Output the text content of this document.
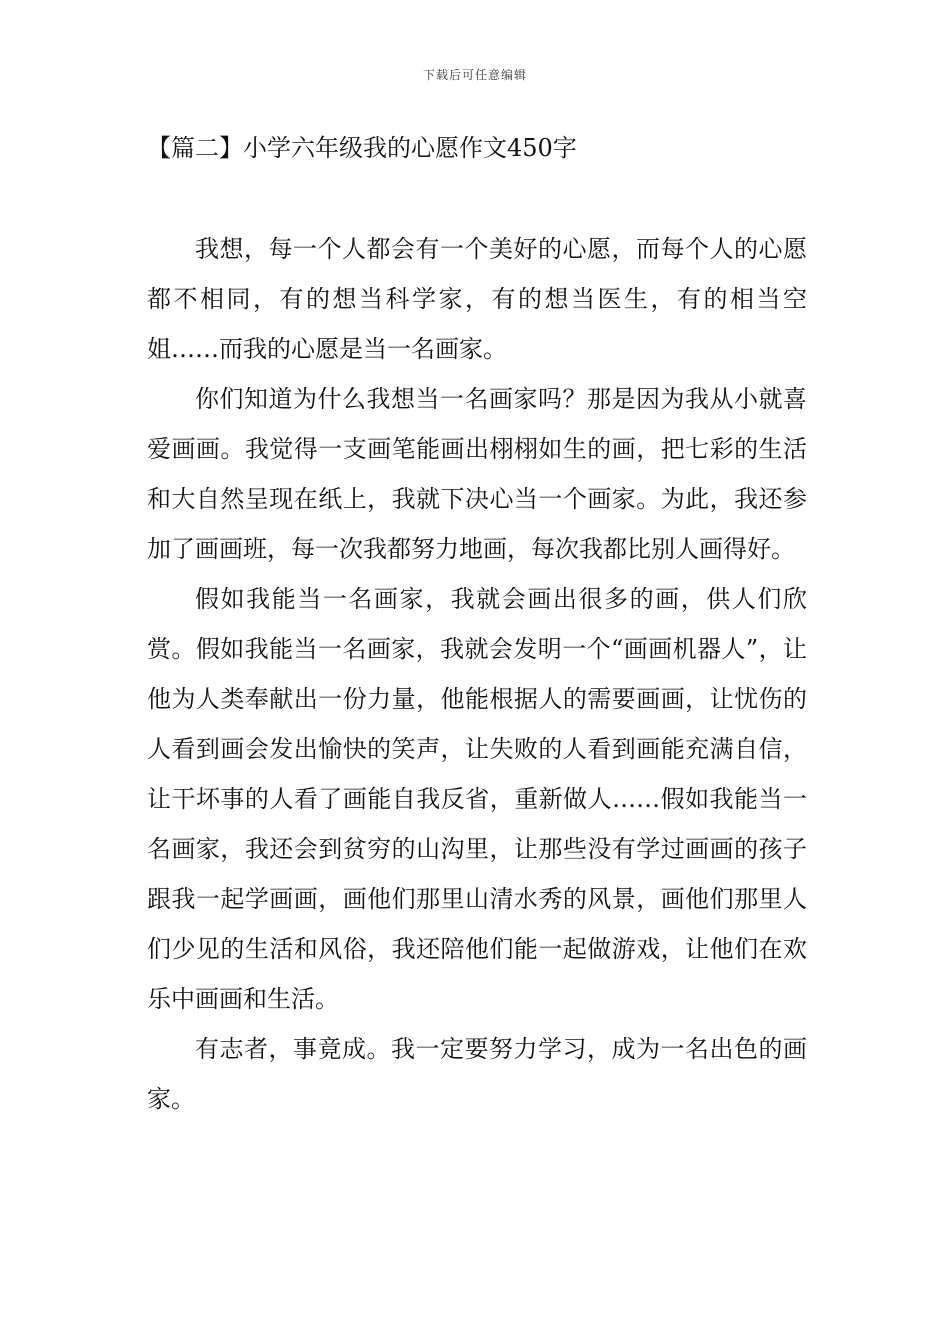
下载后可任意编辑
【篇二】小学六年级我的心愿作文450字

我想，每一个人都会有一个美好的心愿，而每个人的心愿都不相同，有的想当科学家，有的想当医生，有的相当空姐……而我的心愿是当一名画家。

你们知道为什么我想当一名画家吗？那是因为我从小就喜爱画画。我觉得一支画笔能画出栩栩如生的画，把七彩的生活和大自然呈现在纸上，我就下决心当一个画家。为此，我还参加了画画班，每一次我都努力地画，每次我都比别人画得好。

假如我能当一名画家，我就会画出很多的画，供人们欣赏。假如我能当一名画家，我就会发明一个“画画机器人”，让他为人类奉献出一份力量，他能根据人的需要画画，让忧伤的人看到画会发出愉快的笑声，让失败的人看到画能充满自信，让干坏事的人看了画能自我反省，重新做人……假如我能当一名画家，我还会到贫穷的山沟里，让那些没有学过画画的孩子跟我一起学画画，画他们那里山清水秀的风景，画他们那里人们少见的生活和风俗，我还陪他们能一起做游戏，让他们在欢乐中画画和生活。

有志者，事竟成。我一定要努力学习，成为一名出色的画家。
